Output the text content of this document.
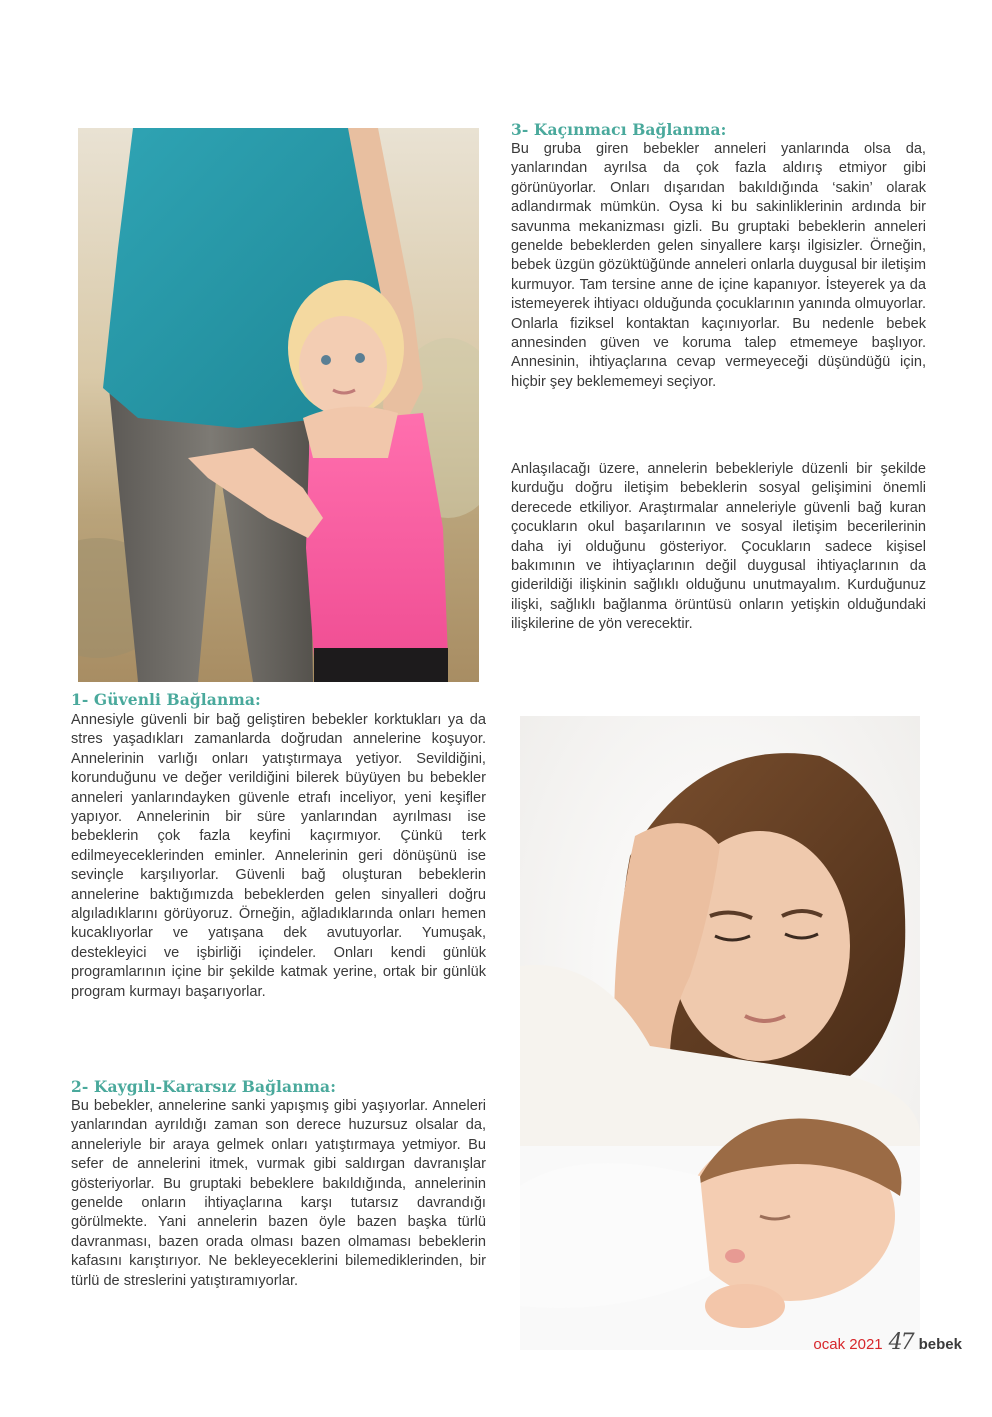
3- Kaçınmacı Bağlanma:

Bu gruba giren bebekler anneleri yanlarında olsa da, yanlarından ayrılsa da çok fazla aldırış etmiyor gibi görünüyorlar. Onları dışarıdan bakıldığında ‘sakin’ olarak adlandırmak mümkün. Oysa ki bu sakinliklerinin ardında bir savunma mekanizması gizli. Bu gruptaki bebeklerin anneleri genelde bebeklerden gelen sinyallere karşı ilgisizler. Örneğin, bebek üzgün gözüktüğünde anneleri onlarla duygusal bir iletişim kurmuyor. Tam tersine anne de içine kapanıyor. İsteyerek ya da istemeyerek ihtiyacı olduğunda çocuklarının yanında olmuyorlar. Onlarla fiziksel kontaktan kaçınıyorlar. Bu nedenle bebek annesinden güven ve koruma talep etmemeye başlıyor. Annesinin, ihtiyaçlarına cevap vermeyeceği düşündüğü için, hiçbir şey beklememeyi seçiyor.

Anlaşılacağı üzere, annelerin bebekleriyle düzenli bir şekilde kurduğu doğru iletişim bebeklerin sosyal gelişimini önemli derecede etkiliyor. Araştırmalar anneleriyle güvenli bağ kuran çocukların okul başarılarının ve sosyal iletişim becerilerinin daha iyi olduğunu gösteriyor. Çocukların sadece kişisel bakımının ve ihtiyaçlarının değil duygusal ihtiyaçlarının da giderildiği ilişkinin sağlıklı olduğunu unutmayalım. Kurduğunuz ilişki, sağlıklı bağlanma örüntüsü onların yetişkin olduğundaki ilişkilerine de yön verecektir.

1- Güvenli Bağlanma:

Annesiyle güvenli bir bağ geliştiren bebekler korktukları ya da stres yaşadıkları zamanlarda doğrudan annelerine koşuyor. Annelerinin varlığı onları yatıştırmaya yetiyor. Sevildiğini, korunduğunu ve değer verildiğini bilerek büyüyen bu bebekler anneleri yanlarındayken güvenle etrafı inceliyor, yeni keşifler yapıyor. Annelerinin bir süre yanlarından ayrılması ise bebeklerin çok fazla keyfini kaçırmıyor. Çünkü terk edilmeyeceklerinden eminler. Annelerinin geri dönüşünü ise sevinçle karşılıyorlar. Güvenli bağ oluşturan bebeklerin annelerine baktığımızda bebeklerden gelen sinyalleri doğru algıladıklarını görüyoruz. Örneğin, ağladıklarında onları hemen kucaklıyorlar ve yatışana dek avutuyorlar. Yumuşak, destekleyici ve işbirliği içindeler. Onları kendi günlük programlarının içine bir şekilde katmak yerine, ortak bir günlük program kurmayı başarıyorlar.

2- Kaygılı-Kararsız Bağlanma:

Bu bebekler, annelerine sanki yapışmış gibi yaşıyorlar. Anneleri yanlarından ayrıldığı zaman son derece huzursuz olsalar da, anneleriyle bir araya gelmek onları yatıştırmaya yetmiyor. Bu sefer de annelerini itmek, vurmak gibi saldırgan davranışlar gösteriyorlar. Bu gruptaki bebeklere bakıldığında, annelerinin genelde onların ihtiyaçlarına karşı tutarsız davrandığı görülmekte. Yani annelerin bazen öyle bazen başka türlü davranması, bazen orada olması bazen olmaması bebeklerin kafasını karıştırıyor. Ne bekleyeceklerini bilemediklerinden, bir türlü de streslerini yatıştıramıyorlar.

ocak 2021 47 bebek
